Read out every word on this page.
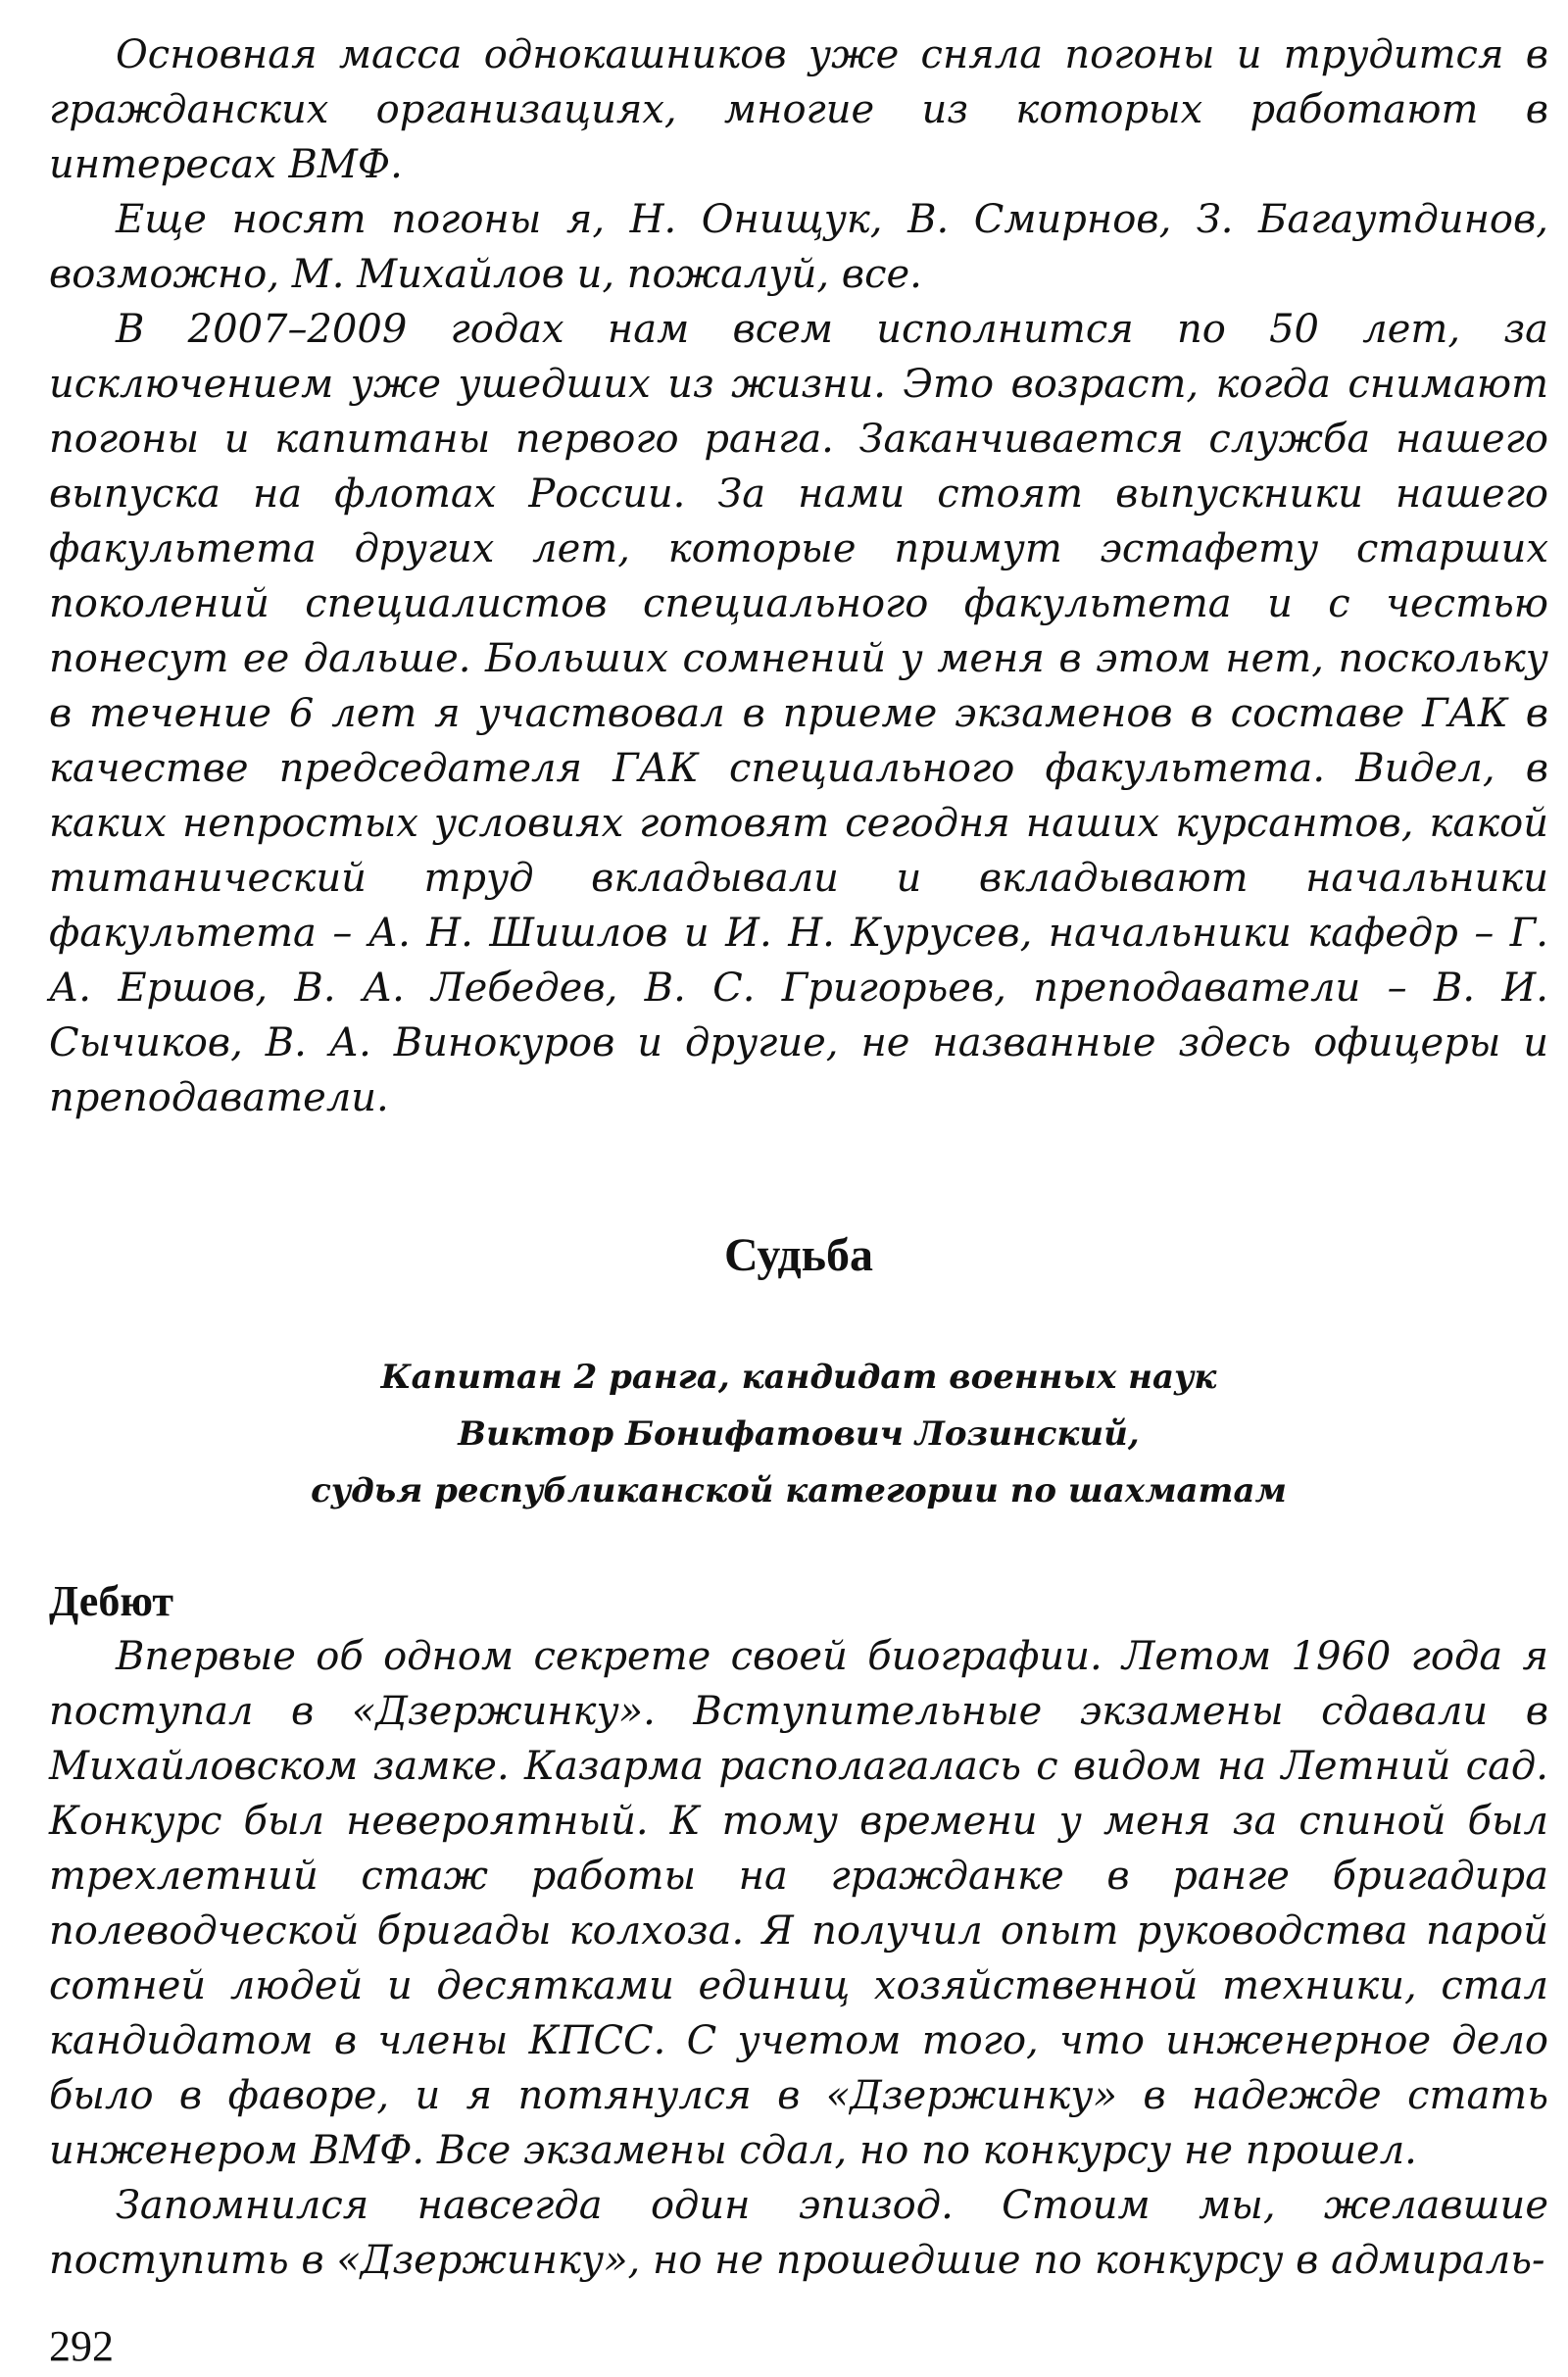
Основная масса однокашников уже сняла погоны и трудится в гражданских организациях, многие из которых работают в интересах ВМФ.

Еще носят погоны я, Н. Онищук, В. Смирнов, З. Багаутдинов, возможно, М. Михайлов и, пожалуй, все.

В 2007–2009 годах нам всем исполнится по 50 лет, за исключением уже ушедших из жизни. Это возраст, когда снимают погоны и капитаны первого ранга. Заканчивается служба нашего выпуска на флотах России. За нами стоят выпускники нашего факультета других лет, которые примут эстафету старших поколений специалистов специального факультета и с честью понесут ее дальше. Больших сомнений у меня в этом нет, поскольку в течение 6 лет я участвовал в приеме экзаменов в составе ГАК в качестве председателя ГАК специального факультета. Видел, в каких непростых условиях готовят сегодня наших курсантов, какой титанический труд вкладывали и вкладывают начальники факультета – А. Н. Шишлов и И. Н. Курусев, начальники кафедр – Г. А. Ершов, В. А. Лебедев, В. С. Григорьев, преподаватели – В. И. Сычиков, В. А. Винокуров и другие, не названные здесь офицеры и преподаватели.

Судьба

Капитан 2 ранга, кандидат военных наук

Виктор Бонифатович Лозинский,

судья республиканской категории по шахматам

Дебют

Впервые об одном секрете своей биографии. Летом 1960 года я поступал в «Дзержинку». Вступительные экзамены сдавали в Михайловском замке. Казарма располагалась с видом на Летний сад. Конкурс был невероятный. К тому времени у меня за спиной был трехлетний стаж работы на гражданке в ранге бригадира полеводческой бригады колхоза. Я получил опыт руководства парой сотней людей и десятками единиц хозяйственной техники, стал кандидатом в члены КПСС. С учетом того, что инженерное дело было в фаворе, и я потянулся в «Дзержинку» в надежде стать инженером ВМФ. Все экзамены сдал, но по конкурсу не прошел.

Запомнился навсегда один эпизод. Стоим мы, желавшие поступить в «Дзержинку», но не прошедшие по конкурсу в адмираль-

292
